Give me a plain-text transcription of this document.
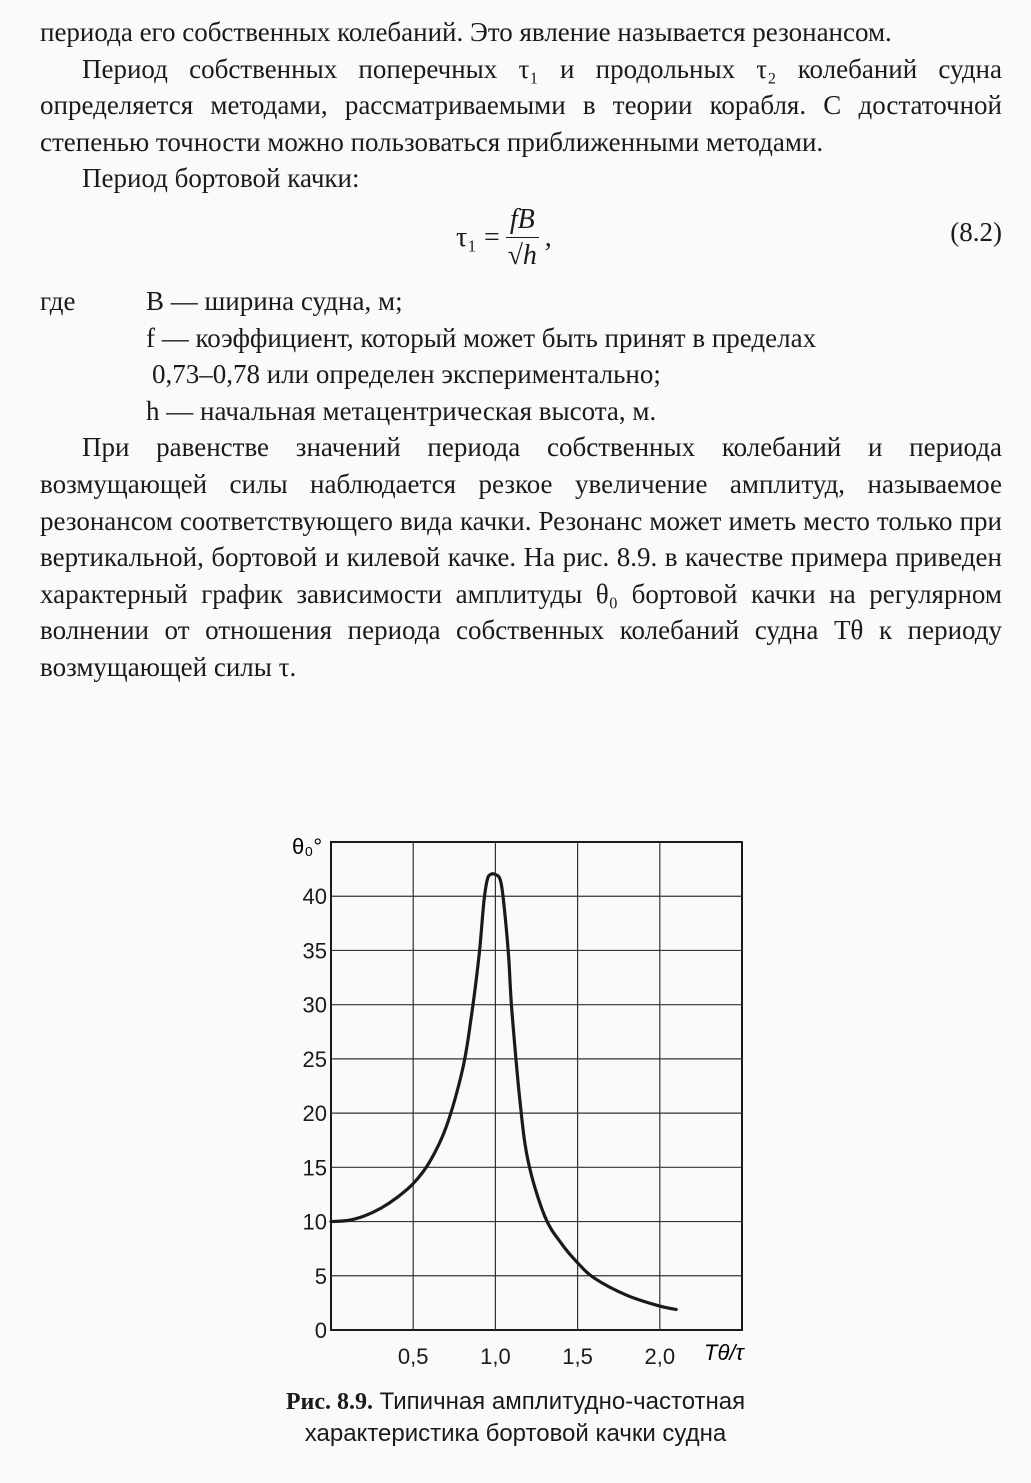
периода его собственных колебаний. Это явление называется резонансом.

Период собственных поперечных τ₁ и продольных τ₂ колебаний судна определяется методами, рассматриваемыми в теории корабля. С достаточной степенью точности можно пользоваться приближенными методами.

Период бортовой качки:

$\tau_1 = \frac{fB}{√h}$ ,	(8.2)
где	B — ширина судна, м;
f — коэффициент, который может быть принят в пределах
0,73–0,78 или определен экспериментально;
h — начальная метацентрическая высота, м.

При равенстве значений периода собственных колебаний и периода возмущающей силы наблюдается резкое увеличение амплитуд, называемое резонансом соответствующего вида качки. Резонанс может иметь место только при вертикальной, бортовой и килевой качке. На рис. 8.9. в качестве примера приведен характерный график зависимости амплитуды θ₀ бортовой качки на регулярном волнении от отношения периода собственных колебаний судна Tθ к периоду возмущающей силы τ.

0
5
10
15
20
25
30
35
40
0,5 1,0 1,5 2,0
θ₀°
Tθ/τ
Рис. 8.9. Типичная амплитудно-частотная
характеристика бортовой качки судна
